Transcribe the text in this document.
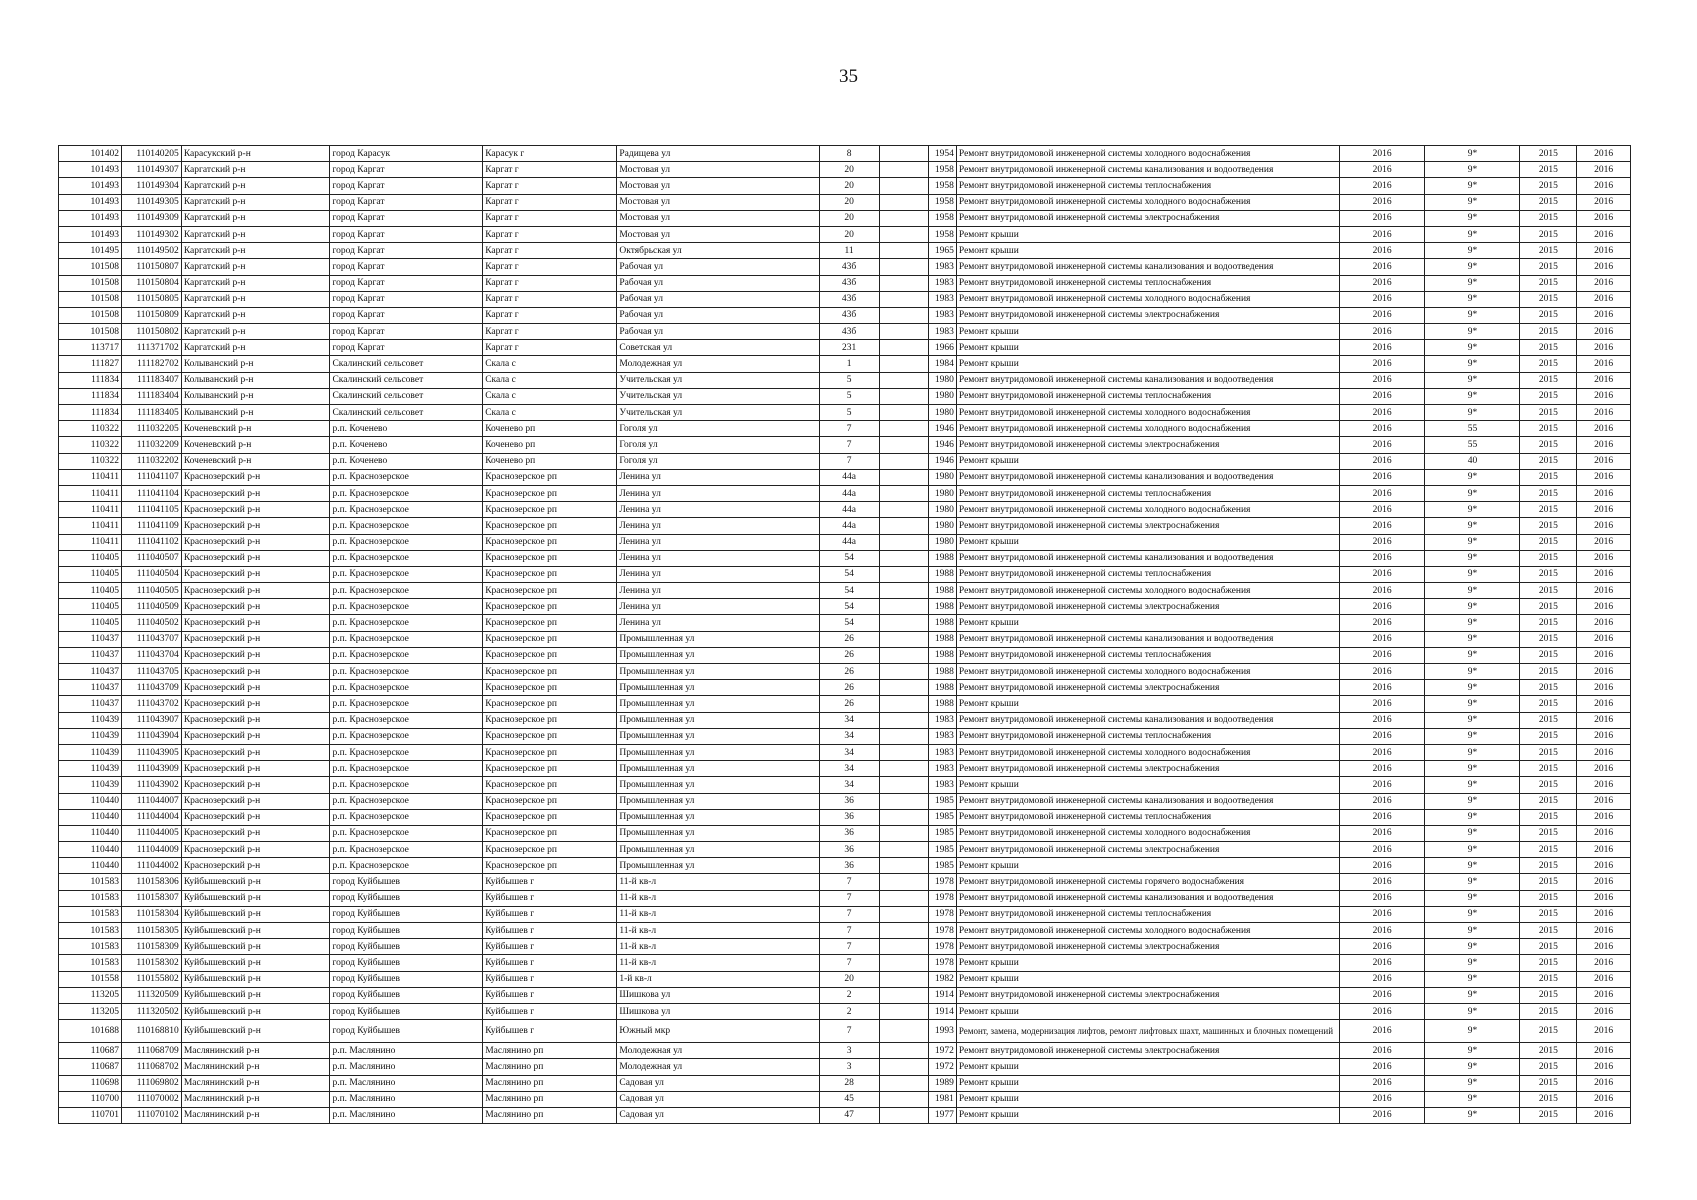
35
101402	110140205	Карасукский р-н	город Карасук	Карасук г	Радищева ул	8		1954	Ремонт внутридомовой инженерной системы холодного водоснабжения	2016	9*	2015	2016
101493	110149307	Каргатский р-н	город Каргат	Каргат г	Мостовая ул	20		1958	Ремонт внутридомовой инженерной системы канализования и водоотведения	2016	9*	2015	2016
101493	110149304	Каргатский р-н	город Каргат	Каргат г	Мостовая ул	20		1958	Ремонт внутридомовой инженерной системы теплоснабжения	2016	9*	2015	2016
101493	110149305	Каргатский р-н	город Каргат	Каргат г	Мостовая ул	20		1958	Ремонт внутридомовой инженерной системы холодного водоснабжения	2016	9*	2015	2016
101493	110149309	Каргатский р-н	город Каргат	Каргат г	Мостовая ул	20		1958	Ремонт внутридомовой инженерной системы электроснабжения	2016	9*	2015	2016
101493	110149302	Каргатский р-н	город Каргат	Каргат г	Мостовая ул	20		1958	Ремонт крыши	2016	9*	2015	2016
101495	110149502	Каргатский р-н	город Каргат	Каргат г	Октябрьская ул	11		1965	Ремонт крыши	2016	9*	2015	2016
101508	110150807	Каргатский р-н	город Каргат	Каргат г	Рабочая ул	43б		1983	Ремонт внутридомовой инженерной системы канализования и водоотведения	2016	9*	2015	2016
101508	110150804	Каргатский р-н	город Каргат	Каргат г	Рабочая ул	43б		1983	Ремонт внутридомовой инженерной системы теплоснабжения	2016	9*	2015	2016
101508	110150805	Каргатский р-н	город Каргат	Каргат г	Рабочая ул	43б		1983	Ремонт внутридомовой инженерной системы холодного водоснабжения	2016	9*	2015	2016
101508	110150809	Каргатский р-н	город Каргат	Каргат г	Рабочая ул	43б		1983	Ремонт внутридомовой инженерной системы электроснабжения	2016	9*	2015	2016
101508	110150802	Каргатский р-н	город Каргат	Каргат г	Рабочая ул	43б		1983	Ремонт крыши	2016	9*	2015	2016
113717	111371702	Каргатский р-н	город Каргат	Каргат г	Советская ул	231		1966	Ремонт крыши	2016	9*	2015	2016
111827	111182702	Колыванский р-н	Скалинский сельсовет	Скала с	Молодежная ул	1		1984	Ремонт крыши	2016	9*	2015	2016
111834	111183407	Колыванский р-н	Скалинский сельсовет	Скала с	Учительская ул	5		1980	Ремонт внутридомовой инженерной системы канализования и водоотведения	2016	9*	2015	2016
111834	111183404	Колыванский р-н	Скалинский сельсовет	Скала с	Учительская ул	5		1980	Ремонт внутридомовой инженерной системы теплоснабжения	2016	9*	2015	2016
111834	111183405	Колыванский р-н	Скалинский сельсовет	Скала с	Учительская ул	5		1980	Ремонт внутридомовой инженерной системы холодного водоснабжения	2016	9*	2015	2016
110322	111032205	Коченевский р-н	р.п. Коченево	Коченево рп	Гоголя ул	7		1946	Ремонт внутридомовой инженерной системы холодного водоснабжения	2016	55	2015	2016
110322	111032209	Коченевский р-н	р.п. Коченево	Коченево рп	Гоголя ул	7		1946	Ремонт внутридомовой инженерной системы электроснабжения	2016	55	2015	2016
110322	111032202	Коченевский р-н	р.п. Коченево	Коченево рп	Гоголя ул	7		1946	Ремонт крыши	2016	40	2015	2016
110411	111041107	Краснозерский р-н	р.п. Краснозерское	Краснозерское рп	Ленина ул	44а		1980	Ремонт внутридомовой инженерной системы канализования и водоотведения	2016	9*	2015	2016
110411	111041104	Краснозерский р-н	р.п. Краснозерское	Краснозерское рп	Ленина ул	44а		1980	Ремонт внутридомовой инженерной системы теплоснабжения	2016	9*	2015	2016
110411	111041105	Краснозерский р-н	р.п. Краснозерское	Краснозерское рп	Ленина ул	44а		1980	Ремонт внутридомовой инженерной системы холодного водоснабжения	2016	9*	2015	2016
110411	111041109	Краснозерский р-н	р.п. Краснозерское	Краснозерское рп	Ленина ул	44а		1980	Ремонт внутридомовой инженерной системы электроснабжения	2016	9*	2015	2016
110411	111041102	Краснозерский р-н	р.п. Краснозерское	Краснозерское рп	Ленина ул	44а		1980	Ремонт крыши	2016	9*	2015	2016
110405	111040507	Краснозерский р-н	р.п. Краснозерское	Краснозерское рп	Ленина ул	54		1988	Ремонт внутридомовой инженерной системы канализования и водоотведения	2016	9*	2015	2016
110405	111040504	Краснозерский р-н	р.п. Краснозерское	Краснозерское рп	Ленина ул	54		1988	Ремонт внутридомовой инженерной системы теплоснабжения	2016	9*	2015	2016
110405	111040505	Краснозерский р-н	р.п. Краснозерское	Краснозерское рп	Ленина ул	54		1988	Ремонт внутридомовой инженерной системы холодного водоснабжения	2016	9*	2015	2016
110405	111040509	Краснозерский р-н	р.п. Краснозерское	Краснозерское рп	Ленина ул	54		1988	Ремонт внутридомовой инженерной системы электроснабжения	2016	9*	2015	2016
110405	111040502	Краснозерский р-н	р.п. Краснозерское	Краснозерское рп	Ленина ул	54		1988	Ремонт крыши	2016	9*	2015	2016
110437	111043707	Краснозерский р-н	р.п. Краснозерское	Краснозерское рп	Промышленная ул	26		1988	Ремонт внутридомовой инженерной системы канализования и водоотведения	2016	9*	2015	2016
110437	111043704	Краснозерский р-н	р.п. Краснозерское	Краснозерское рп	Промышленная ул	26		1988	Ремонт внутридомовой инженерной системы теплоснабжения	2016	9*	2015	2016
110437	111043705	Краснозерский р-н	р.п. Краснозерское	Краснозерское рп	Промышленная ул	26		1988	Ремонт внутридомовой инженерной системы холодного водоснабжения	2016	9*	2015	2016
110437	111043709	Краснозерский р-н	р.п. Краснозерское	Краснозерское рп	Промышленная ул	26		1988	Ремонт внутридомовой инженерной системы электроснабжения	2016	9*	2015	2016
110437	111043702	Краснозерский р-н	р.п. Краснозерское	Краснозерское рп	Промышленная ул	26		1988	Ремонт крыши	2016	9*	2015	2016
110439	111043907	Краснозерский р-н	р.п. Краснозерское	Краснозерское рп	Промышленная ул	34		1983	Ремонт внутридомовой инженерной системы канализования и водоотведения	2016	9*	2015	2016
110439	111043904	Краснозерский р-н	р.п. Краснозерское	Краснозерское рп	Промышленная ул	34		1983	Ремонт внутридомовой инженерной системы теплоснабжения	2016	9*	2015	2016
110439	111043905	Краснозерский р-н	р.п. Краснозерское	Краснозерское рп	Промышленная ул	34		1983	Ремонт внутридомовой инженерной системы холодного водоснабжения	2016	9*	2015	2016
110439	111043909	Краснозерский р-н	р.п. Краснозерское	Краснозерское рп	Промышленная ул	34		1983	Ремонт внутридомовой инженерной системы электроснабжения	2016	9*	2015	2016
110439	111043902	Краснозерский р-н	р.п. Краснозерское	Краснозерское рп	Промышленная ул	34		1983	Ремонт крыши	2016	9*	2015	2016
110440	111044007	Краснозерский р-н	р.п. Краснозерское	Краснозерское рп	Промышленная ул	36		1985	Ремонт внутридомовой инженерной системы канализования и водоотведения	2016	9*	2015	2016
110440	111044004	Краснозерский р-н	р.п. Краснозерское	Краснозерское рп	Промышленная ул	36		1985	Ремонт внутридомовой инженерной системы теплоснабжения	2016	9*	2015	2016
110440	111044005	Краснозерский р-н	р.п. Краснозерское	Краснозерское рп	Промышленная ул	36		1985	Ремонт внутридомовой инженерной системы холодного водоснабжения	2016	9*	2015	2016
110440	111044009	Краснозерский р-н	р.п. Краснозерское	Краснозерское рп	Промышленная ул	36		1985	Ремонт внутридомовой инженерной системы электроснабжения	2016	9*	2015	2016
110440	111044002	Краснозерский р-н	р.п. Краснозерское	Краснозерское рп	Промышленная ул	36		1985	Ремонт крыши	2016	9*	2015	2016
101583	110158306	Куйбышевский р-н	город Куйбышев	Куйбышев г	11-й кв-л	7		1978	Ремонт внутридомовой инженерной системы горячего водоснабжения	2016	9*	2015	2016
101583	110158307	Куйбышевский р-н	город Куйбышев	Куйбышев г	11-й кв-л	7		1978	Ремонт внутридомовой инженерной системы канализования и водоотведения	2016	9*	2015	2016
101583	110158304	Куйбышевский р-н	город Куйбышев	Куйбышев г	11-й кв-л	7		1978	Ремонт внутридомовой инженерной системы теплоснабжения	2016	9*	2015	2016
101583	110158305	Куйбышевский р-н	город Куйбышев	Куйбышев г	11-й кв-л	7		1978	Ремонт внутридомовой инженерной системы холодного водоснабжения	2016	9*	2015	2016
101583	110158309	Куйбышевский р-н	город Куйбышев	Куйбышев г	11-й кв-л	7		1978	Ремонт внутридомовой инженерной системы электроснабжения	2016	9*	2015	2016
101583	110158302	Куйбышевский р-н	город Куйбышев	Куйбышев г	11-й кв-л	7		1978	Ремонт крыши	2016	9*	2015	2016
101558	110155802	Куйбышевский р-н	город Куйбышев	Куйбышев г	1-й кв-л	20		1982	Ремонт крыши	2016	9*	2015	2016
113205	111320509	Куйбышевский р-н	город Куйбышев	Куйбышев г	Шишкова ул	2		1914	Ремонт внутридомовой инженерной системы электроснабжения	2016	9*	2015	2016
113205	111320502	Куйбышевский р-н	город Куйбышев	Куйбышев г	Шишкова ул	2		1914	Ремонт крыши	2016	9*	2015	2016
101688	110168810	Куйбышевский р-н	город Куйбышев	Куйбышев г	Южный мкр	7		1993	Ремонт, замена, модернизация лифтов, ремонт лифтовых шахт, машинных и блочных помещений	2016	9*	2015	2016
110687	111068709	Маслянинский р-н	р.п. Маслянино	Маслянино рп	Молодежная ул	3		1972	Ремонт внутридомовой инженерной системы электроснабжения	2016	9*	2015	2016
110687	111068702	Маслянинский р-н	р.п. Маслянино	Маслянино рп	Молодежная ул	3		1972	Ремонт крыши	2016	9*	2015	2016
110698	111069802	Маслянинский р-н	р.п. Маслянино	Маслянино рп	Садовая ул	28		1989	Ремонт крыши	2016	9*	2015	2016
110700	111070002	Маслянинский р-н	р.п. Маслянино	Маслянино рп	Садовая ул	45		1981	Ремонт крыши	2016	9*	2015	2016
110701	111070102	Маслянинский р-н	р.п. Маслянино	Маслянино рп	Садовая ул	47		1977	Ремонт крыши	2016	9*	2015	2016
